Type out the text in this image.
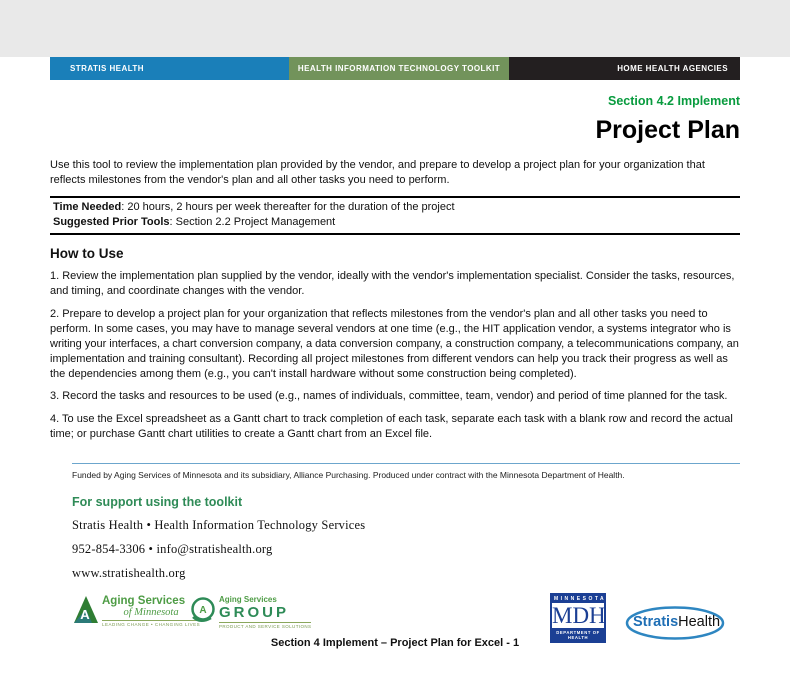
STRATIS HEALTH	HEALTH INFORMATION TECHNOLOGY TOOLKIT	HOME HEALTH AGENCIES
Section 4.2 Implement
Project Plan

Use this tool to review the implementation plan provided by the vendor, and prepare to develop a project plan for your organization that reflects milestones from the vendor's plan and all other tasks you need to perform.

Time Needed: 20 hours, 2 hours per week thereafter for the duration of the project
Suggested Prior Tools: Section 2.2 Project Management
How to Use

1. Review the implementation plan supplied by the vendor, ideally with the vendor's implementation specialist. Consider the tasks, resources, and timing, and coordinate changes with the vendor.

2. Prepare to develop a project plan for your organization that reflects milestones from the vendor's plan and all other tasks you need to perform. In some cases, you may have to manage several vendors at one time (e.g., the HIT application vendor, a systems integrator who is writing your interfaces, a chart conversion company, a data conversion company, a construction company, a telecommunications company, an implementation and training consultant). Recording all project milestones from different vendors can help you track their progress as well as the dependencies among them (e.g., you can't install hardware without some construction being completed).

3. Record the tasks and resources to be used (e.g., names of individuals, committee, team, vendor) and period of time planned for the task.

4. To use the Excel spreadsheet as a Gantt chart to track completion of each task, separate each task with a blank row and record the actual time; or purchase Gantt chart utilities to create a Gantt chart from an Excel file.

Funded by Aging Services of Minnesota and its subsidiary, Alliance Purchasing. Produced under contract with the Minnesota Department of Health.

For support using the toolkit

Stratis Health • Health Information Technology Services

952-854-3306 • info@stratishealth.org

www.stratishealth.org

A
Aging Services
of Minnesota
LEADING CHANGE • CHANGING LIVES
A
Aging Services
GROUP
PRODUCT AND SERVICE SOLUTIONS
MINNESOTA
MDH
DEPARTMENT OF HEALTH
StratisHealth
Section 4 Implement – Project Plan for Excel - 1
